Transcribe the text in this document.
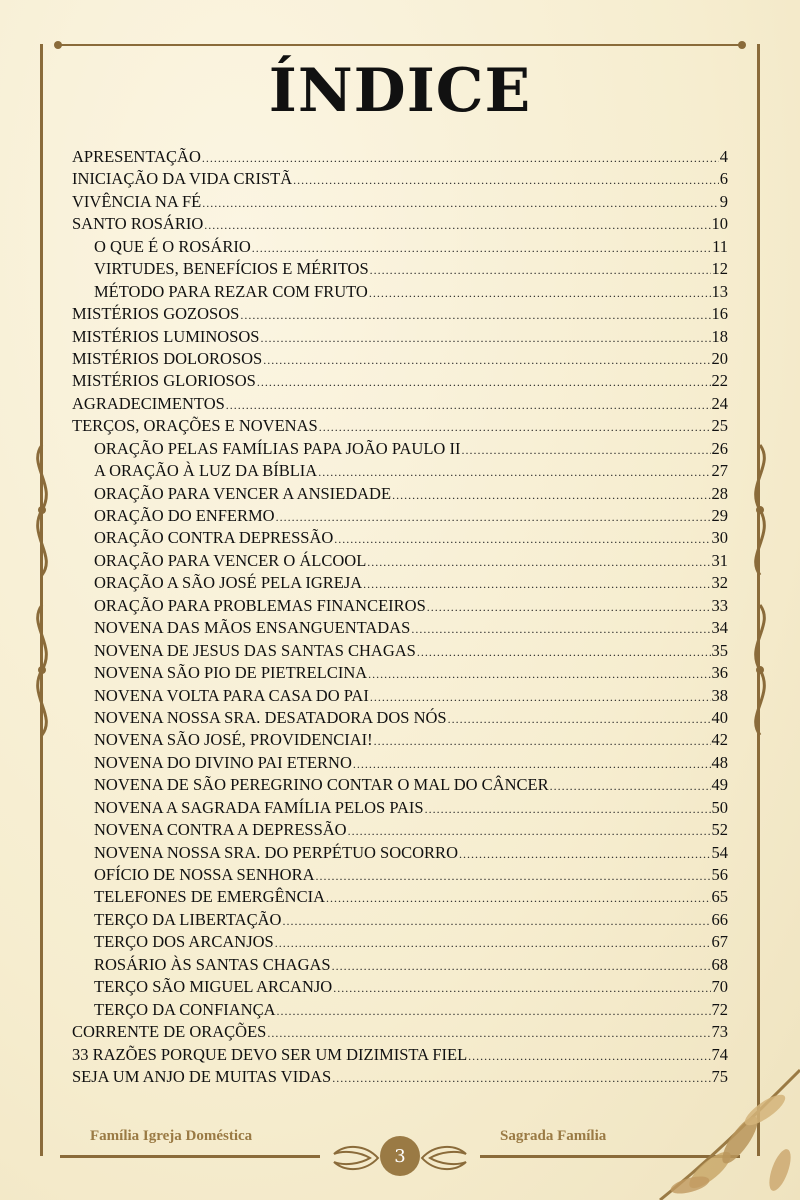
ÍNDICE
APRESENTAÇÃO .....	4
INICIAÇÃO DA VIDA CRISTÃ .....	6
VIVÊNCIA NA FÉ .....	9
SANTO ROSÁRIO .....	10
O QUE É O ROSÁRIO .....	11
VIRTUDES, BENEFÍCIOS E MÉRITOS .....	12
MÉTODO PARA REZAR COM FRUTO .....	13
MISTÉRIOS GOZOSOS .....	16
MISTÉRIOS LUMINOSOS .....	18
MISTÉRIOS DOLOROSOS .....	20
MISTÉRIOS GLORIOSOS .....	22
AGRADECIMENTOS .....	24
TERÇOS, ORAÇÕES E NOVENAS .....	25
ORAÇÃO PELAS FAMÍLIAS PAPA JOÃO PAULO II .....	26
A ORAÇÃO À LUZ DA BÍBLIA .....	27
ORAÇÃO PARA VENCER A ANSIEDADE .....	28
ORAÇÃO DO ENFERMO .....	29
ORAÇÃO CONTRA DEPRESSÃO .....	30
ORAÇÃO PARA VENCER O ÁLCOOL .....	31
ORAÇÃO A SÃO JOSÉ PELA IGREJA .....	32
ORAÇÃO PARA PROBLEMAS FINANCEIROS .....	33
NOVENA DAS MÃOS ENSANGUENTADAS .....	34
NOVENA DE JESUS DAS SANTAS CHAGAS .....	35
NOVENA SÃO PIO DE PIETRELCINA .....	36
NOVENA VOLTA PARA CASA DO PAI .....	38
NOVENA NOSSA SRA. DESATADORA DOS NÓS .....	40
NOVENA SÃO JOSÉ, PROVIDENCIAI! .....	42
NOVENA DO DIVINO PAI ETERNO .....	48
NOVENA DE SÃO PEREGRINO CONTAR O MAL DO CÂNCER .....	49
NOVENA A SAGRADA FAMÍLIA PELOS PAIS .....	50
NOVENA CONTRA A DEPRESSÃO .....	52
NOVENA NOSSA SRA. DO PERPÉTUO SOCORRO .....	54
OFÍCIO DE NOSSA SENHORA .....	56
TELEFONES DE EMERGÊNCIA .....	65
TERÇO DA LIBERTAÇÃO .....	66
TERÇO DOS ARCANJOS .....	67
ROSÁRIO ÀS SANTAS CHAGAS .....	68
TERÇO SÃO MIGUEL ARCANJO .....	70
TERÇO DA CONFIANÇA .....	72
CORRENTE DE ORAÇÕES .....	73
33 RAZÕES PORQUE DEVO SER UM DIZIMISTA FIEL .....	74
SEJA UM ANJO DE MUITAS VIDAS .....	75
Família Igreja Doméstica	Sagrada Família
3
